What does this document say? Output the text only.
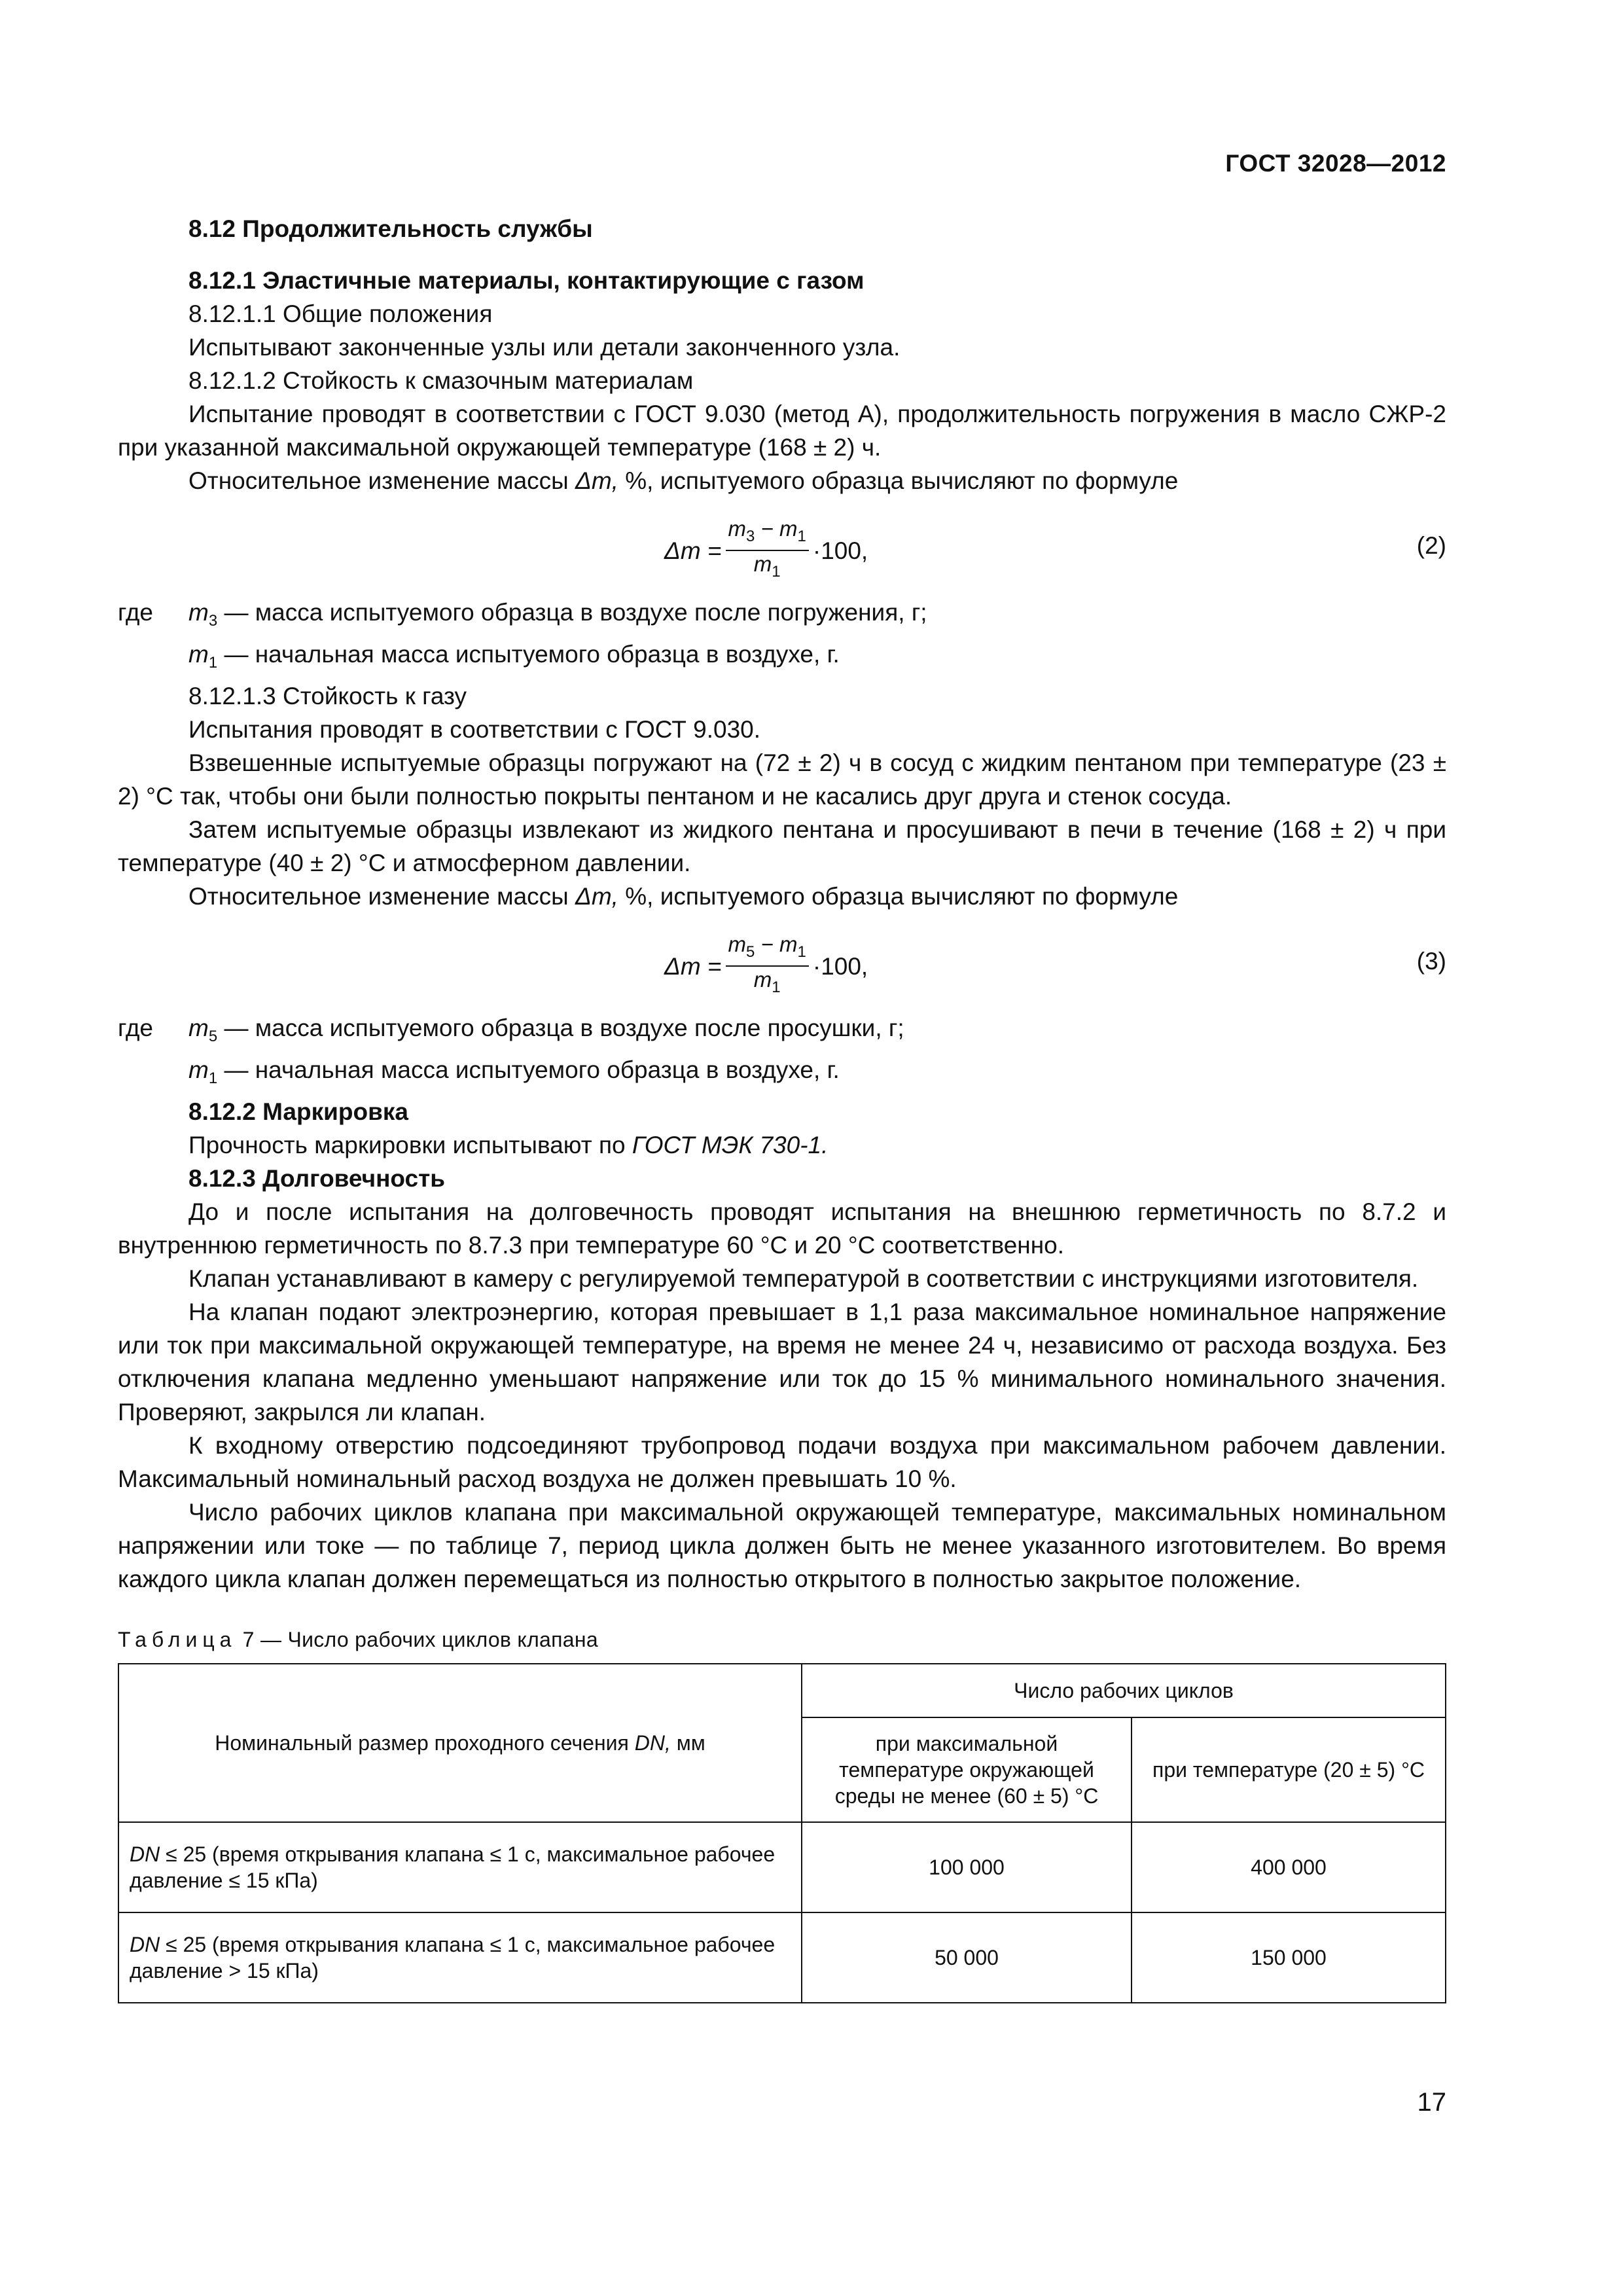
ГОСТ 32028—2012

8.12 Продолжительность службы

8.12.1 Эластичные материалы, контактирующие с газом

8.12.1.1 Общие положения

Испытывают законченные узлы или детали законченного узла.

8.12.1.2 Стойкость к смазочным материалам

Испытание проводят в соответствии с ГОСТ 9.030 (метод А), продолжительность погружения в масло СЖР-2 при указанной максимальной окружающей температуре (168 ± 2) ч.

Относительное изменение массы Δm, %, испытуемого образца вычисляют по формуле

$\Delta m = \frac{m_3 - m_1}{m_1} \cdot 100$,	(2)

где $m_3$ — масса испытуемого образца в воздухе после погружения, г;

$m_1$ — начальная масса испытуемого образца в воздухе, г.

8.12.1.3 Стойкость к газу

Испытания проводят в соответствии с ГОСТ 9.030.

Взвешенные испытуемые образцы погружают на (72 ± 2) ч в сосуд с жидким пентаном при температуре (23 ± 2) °С так, чтобы они были полностью покрыты пентаном и не касались друг друга и стенок сосуда.

Затем испытуемые образцы извлекают из жидкого пентана и просушивают в печи в течение (168 ± 2) ч при температуре (40 ± 2) °С и атмосферном давлении.

Относительное изменение массы Δm, %, испытуемого образца вычисляют по формуле

$\Delta m = \frac{m_5 - m_1}{m_1} \cdot 100$,	(3)

где $m_5$ — масса испытуемого образца в воздухе после просушки, г;

$m_1$ — начальная масса испытуемого образца в воздухе, г.

8.12.2 Маркировка

Прочность маркировки испытывают по ГОСТ МЭК 730-1.

8.12.3 Долговечность

До и после испытания на долговечность проводят испытания на внешнюю герметичность по 8.7.2 и внутреннюю герметичность по 8.7.3 при температуре 60 °С и 20 °С соответственно.

Клапан устанавливают в камеру с регулируемой температурой в соответствии с инструкциями изготовителя.

На клапан подают электроэнергию, которая превышает в 1,1 раза максимальное номинальное напряжение или ток при максимальной окружающей температуре, на время не менее 24 ч, независимо от расхода воздуха. Без отключения клапана медленно уменьшают напряжение или ток до 15 % минимального номинального значения. Проверяют, закрылся ли клапан.

К входному отверстию подсоединяют трубопровод подачи воздуха при максимальном рабочем давлении. Максимальный номинальный расход воздуха не должен превышать 10 %.

Число рабочих циклов клапана при максимальной окружающей температуре, максимальных номинальном напряжении или токе — по таблице 7, период цикла должен быть не менее указанного изготовителем. Во время каждого цикла клапан должен перемещаться из полностью открытого в полностью закрытое положение.

Таблица 7 — Число рабочих циклов клапана

Номинальный размер проходного сечения DN, мм	Число рабочих циклов	
	при максимальной температуре окружающей среды не менее (60 ± 5) °С	при температуре (20 ± 5) °С
DN ≤ 25 (время открывания клапана ≤ 1 с, максимальное рабочее давление ≤ 15 кПа)	100 000	400 000
DN ≤ 25 (время открывания клапана ≤ 1 с, максимальное рабочее давление > 15 кПа)	50 000	150 000
17
